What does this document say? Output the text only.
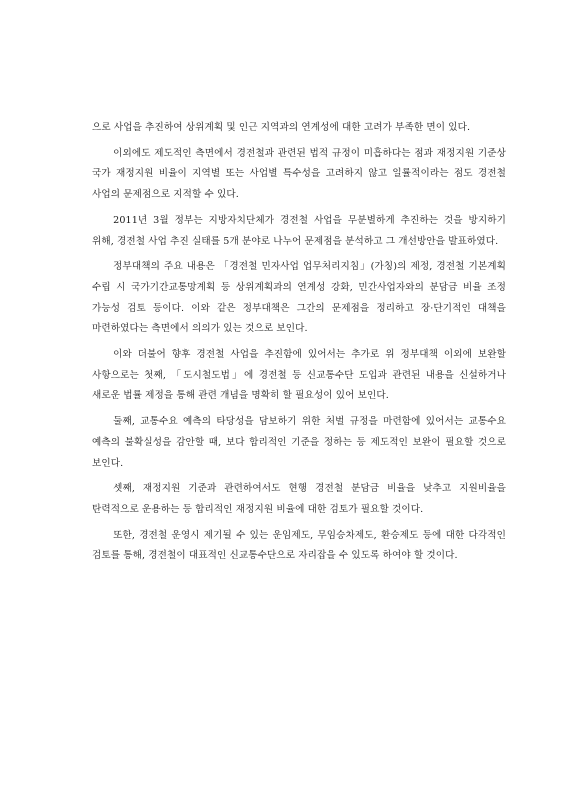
으로 사업을 추진하여 상위계획 및 인근 지역과의 연계성에 대한 고려가 부족한 면이 있다.

이외에도 제도적인 측면에서 경전철과 관련된 법적 규정이 미흡하다는 점과 재정지원 기준상 국가 재정지원 비율이 지역별 또는 사업별 특수성을 고려하지 않고 일률적이라는 점도 경전철 사업의 문제점으로 지적할 수 있다.

2011년 3월 정부는 지방자치단체가 경전철 사업을 무분별하게 추진하는 것을 방지하기 위해, 경전철 사업 추진 실태를 5개 분야로 나누어 문제점을 분석하고 그 개선방안을 발표하였다.

정부대책의 주요 내용은 「경전철 민자사업 업무처리지침」(가칭)의 제정, 경전철 기본계획 수립 시 국가기간교통망계획 등 상위계획과의 연계성 강화, 민간사업자와의 분담금 비율 조정 가능성 검토 등이다. 이와 같은 정부대책은 그간의 문제점을 정리하고 장·단기적인 대책을 마련하였다는 측면에서 의의가 있는 것으로 보인다.

이와 더불어 향후 경전철 사업을 추진함에 있어서는 추가로 위 정부대책 이외에 보완할 사항으로는 첫째, 「도시철도법」에 경전철 등 신교통수단 도입과 관련된 내용을 신설하거나 새로운 법률 제정을 통해 관련 개념을 명확히 할 필요성이 있어 보인다.

둘째, 교통수요 예측의 타당성을 담보하기 위한 처벌 규정을 마련함에 있어서는 교통수요 예측의 불확실성을 감안할 때, 보다 합리적인 기준을 정하는 등 제도적인 보완이 필요할 것으로 보인다.

셋째, 재정지원 기준과 관련하여서도 현행 경전철 분담금 비율을 낮추고 지원비율을 탄력적으로 운용하는 등 합리적인 재정지원 비율에 대한 검토가 필요할 것이다.

또한, 경전철 운영시 제기될 수 있는 운임제도, 무임승차제도, 환승제도 등에 대한 다각적인 검토를 통해, 경전철이 대표적인 신교통수단으로 자리잡을 수 있도록 하여야 할 것이다.
